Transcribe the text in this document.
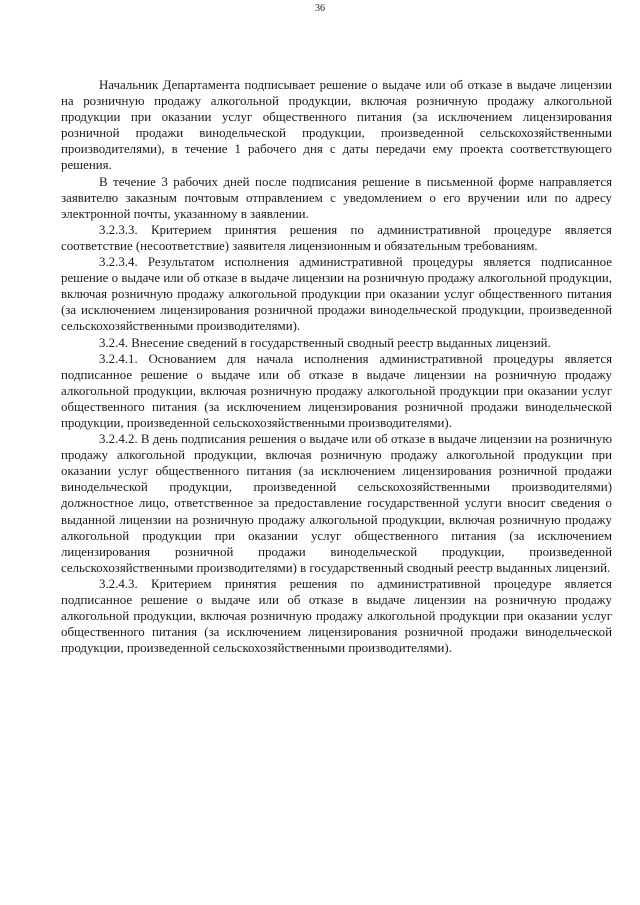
36

Начальник Департамента подписывает решение о выдаче или об отказе в выдаче лицензии на розничную продажу алкогольной продукции, включая розничную продажу алкогольной продукции при оказании услуг общественного питания (за исключением лицензирования розничной продажи винодельческой продукции, произведенной сельскохозяйственными производителями), в течение 1 рабочего дня с даты передачи ему проекта соответствующего решения.

В течение 3 рабочих дней после подписания решение в письменной форме направляется заявителю заказным почтовым отправлением с уведомлением о его вручении или по адресу электронной почты, указанному в заявлении.

3.2.3.3. Критерием принятия решения по административной процедуре является соответствие (несоответствие) заявителя лицензионным и обязательным требованиям.

3.2.3.4. Результатом исполнения административной процедуры является подписанное решение о выдаче или об отказе в выдаче лицензии на розничную продажу алкогольной продукции, включая розничную продажу алкогольной продукции при оказании услуг общественного питания (за исключением лицензирования розничной продажи винодельческой продукции, произведенной сельскохозяйственными производителями).

3.2.4. Внесение сведений в государственный сводный реестр выданных лицензий.

3.2.4.1. Основанием для начала исполнения административной процедуры является подписанное решение о выдаче или об отказе в выдаче лицензии на розничную продажу алкогольной продукции, включая розничную продажу алкогольной продукции при оказании услуг общественного питания (за исключением лицензирования розничной продажи винодельческой продукции, произведенной сельскохозяйственными производителями).

3.2.4.2. В день подписания решения о выдаче или об отказе в выдаче лицензии на розничную продажу алкогольной продукции, включая розничную продажу алкогольной продукции при оказании услуг общественного питания (за исключением лицензирования розничной продажи винодельческой продукции, произведенной сельскохозяйственными производителями) должностное лицо, ответственное за предоставление государственной услуги вносит сведения о выданной лицензии на розничную продажу алкогольной продукции, включая розничную продажу алкогольной продукции при оказании услуг общественного питания (за исключением лицензирования розничной продажи винодельческой продукции, произведенной сельскохозяйственными производителями) в государственный сводный реестр выданных лицензий.

3.2.4.3. Критерием принятия решения по административной процедуре является подписанное решение о выдаче или об отказе в выдаче лицензии на розничную продажу алкогольной продукции, включая розничную продажу алкогольной продукции при оказании услуг общественного питания (за исключением лицензирования розничной продажи винодельческой продукции, произведенной сельскохозяйственными производителями).
